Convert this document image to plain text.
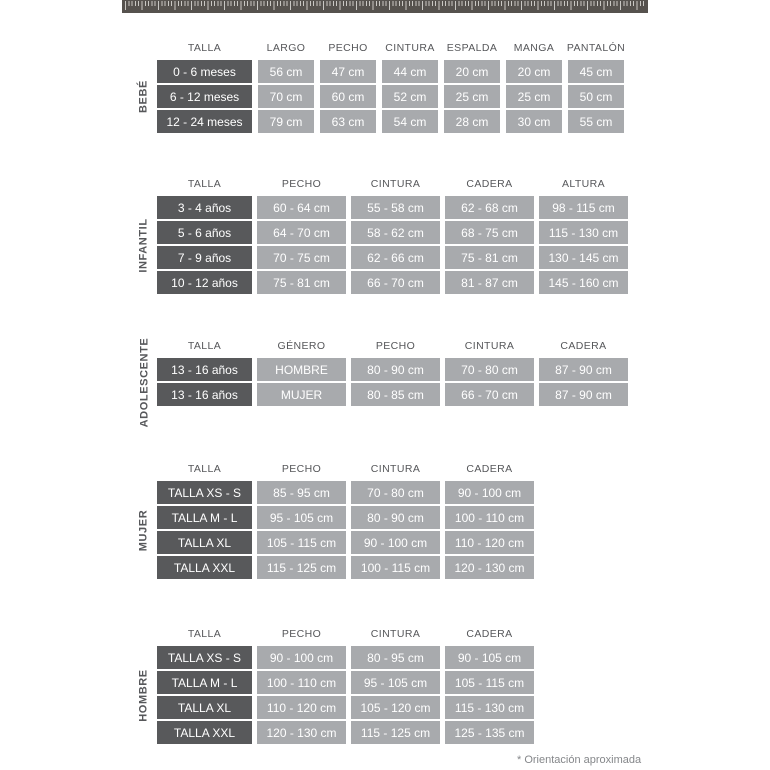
BEBÉ
INFANTIL
ADOLESCENTE
MUJER
HOMBRE
TALLA	LARGO	PECHO	CINTURA	ESPALDA	MANGA	PANTALÓN
0 - 6 meses	56 cm	47 cm	44 cm	20 cm	20 cm	45 cm
6 - 12 meses	70 cm	60 cm	52 cm	25 cm	25 cm	50 cm
12 - 24 meses	79 cm	63 cm	54 cm	28 cm	30 cm	55 cm
TALLA	PECHO	CINTURA	CADERA	ALTURA
3 - 4 años	60 - 64 cm	55 - 58 cm	62 - 68 cm	98 - 115 cm
5 - 6 años	64 - 70 cm	58 - 62 cm	68 - 75 cm	115 - 130 cm
7 - 9 años	70 - 75 cm	62 - 66 cm	75 - 81 cm	130 - 145 cm
10 - 12 años	75 - 81 cm	66 - 70 cm	81 - 87 cm	145 - 160 cm
TALLA	GÉNERO	PECHO	CINTURA	CADERA
13 - 16 años	HOMBRE	80 - 90 cm	70 - 80 cm	87 - 90 cm
13 - 16 años	MUJER	80 - 85 cm	66 - 70 cm	87 - 90 cm
TALLA	PECHO	CINTURA	CADERA
TALLA XS - S	85 - 95 cm	70 - 80 cm	90 - 100 cm
TALLA M - L	95 - 105 cm	80 - 90 cm	100 - 110 cm
TALLA XL	105 - 115 cm	90 - 100 cm	110 - 120 cm
TALLA XXL	115 - 125 cm	100 - 115 cm	120 - 130 cm
TALLA	PECHO	CINTURA	CADERA
TALLA XS - S	90 - 100 cm	80 - 95 cm	90 - 105 cm
TALLA M - L	100 - 110 cm	95 - 105 cm	105 - 115 cm
TALLA XL	110 - 120 cm	105 - 120 cm	115 - 130 cm
TALLA XXL	120 - 130 cm	115 - 125 cm	125 - 135 cm
* Orientación aproximada
